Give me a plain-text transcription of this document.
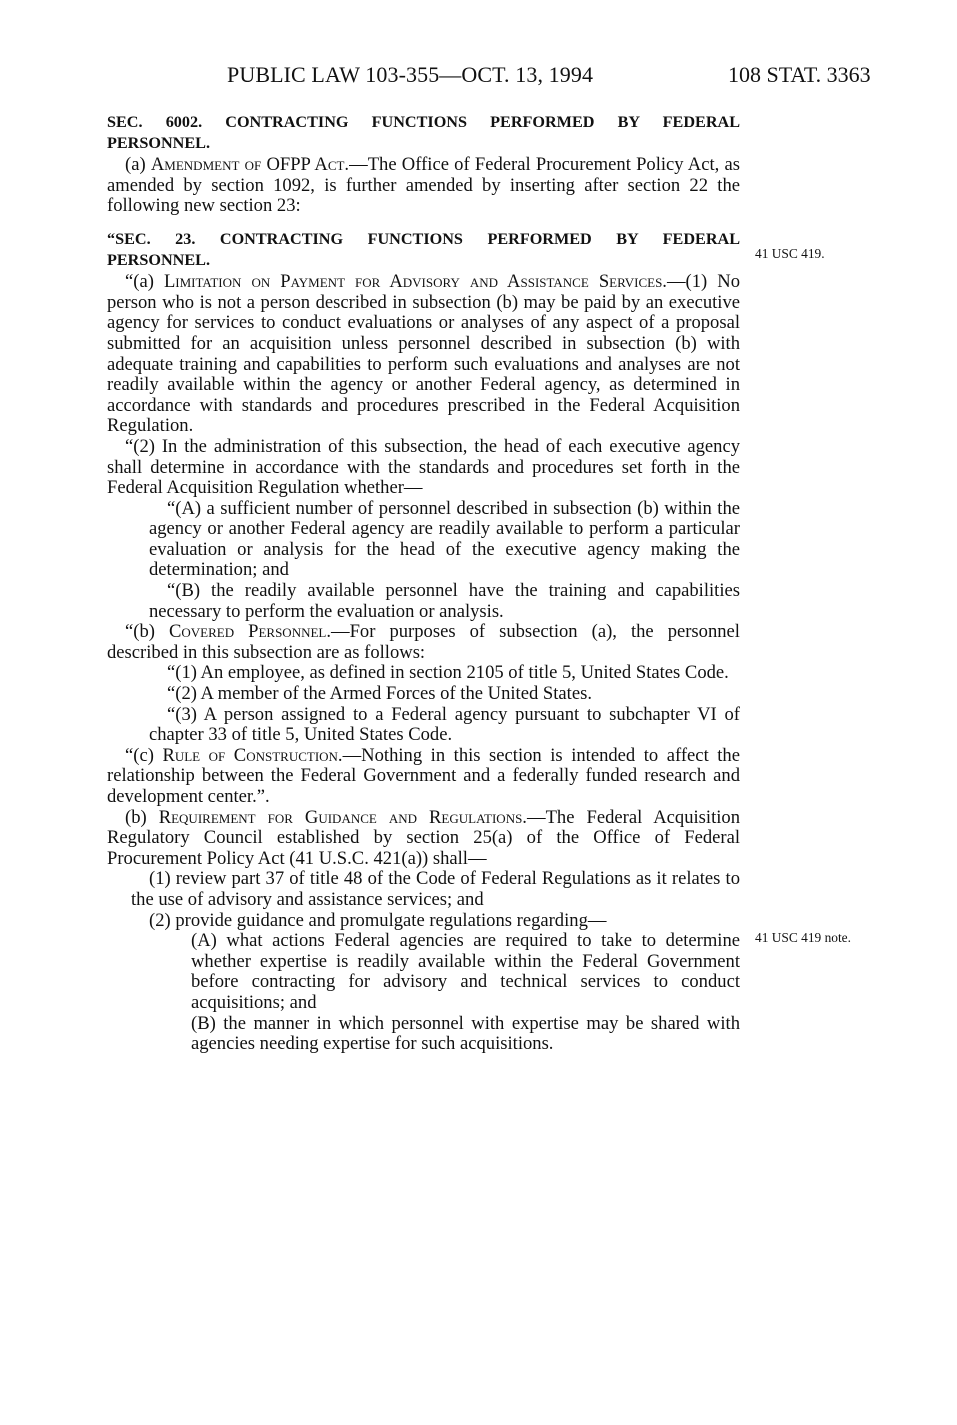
PUBLIC LAW 103-355—OCT. 13, 1994	108 STAT. 3363
41 USC 419.
41 USC 419 note.
SEC. 6002. CONTRACTING FUNCTIONS PERFORMED BY FEDERAL
PERSONNEL.

(a) Amendment of OFPP Act.—The Office of Federal Procurement Policy Act, as amended by section 1092, is further amended by inserting after section 22 the following new section 23:

“SEC. 23. CONTRACTING FUNCTIONS PERFORMED BY FEDERAL
PERSONNEL.

“(a) Limitation on Payment for Advisory and Assistance Services.—(1) No person who is not a person described in subsection (b) may be paid by an executive agency for services to conduct evaluations or analyses of any aspect of a proposal submitted for an acquisition unless personnel described in subsection (b) with adequate training and capabilities to perform such evaluations and analyses are not readily available within the agency or another Federal agency, as determined in accordance with standards and procedures prescribed in the Federal Acquisition Regulation.

“(2) In the administration of this subsection, the head of each executive agency shall determine in accordance with the standards and procedures set forth in the Federal Acquisition Regulation whether—

“(A) a sufficient number of personnel described in subsection (b) within the agency or another Federal agency are readily available to perform a particular evaluation or analysis for the head of the executive agency making the determination; and

“(B) the readily available personnel have the training and capabilities necessary to perform the evaluation or analysis.

“(b) Covered Personnel.—For purposes of subsection (a), the personnel described in this subsection are as follows:

“(1) An employee, as defined in section 2105 of title 5, United States Code.

“(2) A member of the Armed Forces of the United States.

“(3) A person assigned to a Federal agency pursuant to subchapter VI of chapter 33 of title 5, United States Code.

“(c) Rule of Construction.—Nothing in this section is intended to affect the relationship between the Federal Government and a federally funded research and development center.”.

(b) Requirement for Guidance and Regulations.—The Federal Acquisition Regulatory Council established by section 25(a) of the Office of Federal Procurement Policy Act (41 U.S.C. 421(a)) shall—

(1) review part 37 of title 48 of the Code of Federal Regulations as it relates to the use of advisory and assistance services; and

(2) provide guidance and promulgate regulations regarding—

(A) what actions Federal agencies are required to take to determine whether expertise is readily available within the Federal Government before contracting for advisory and technical services to conduct acquisitions; and

(B) the manner in which personnel with expertise may be shared with agencies needing expertise for such acquisitions.
